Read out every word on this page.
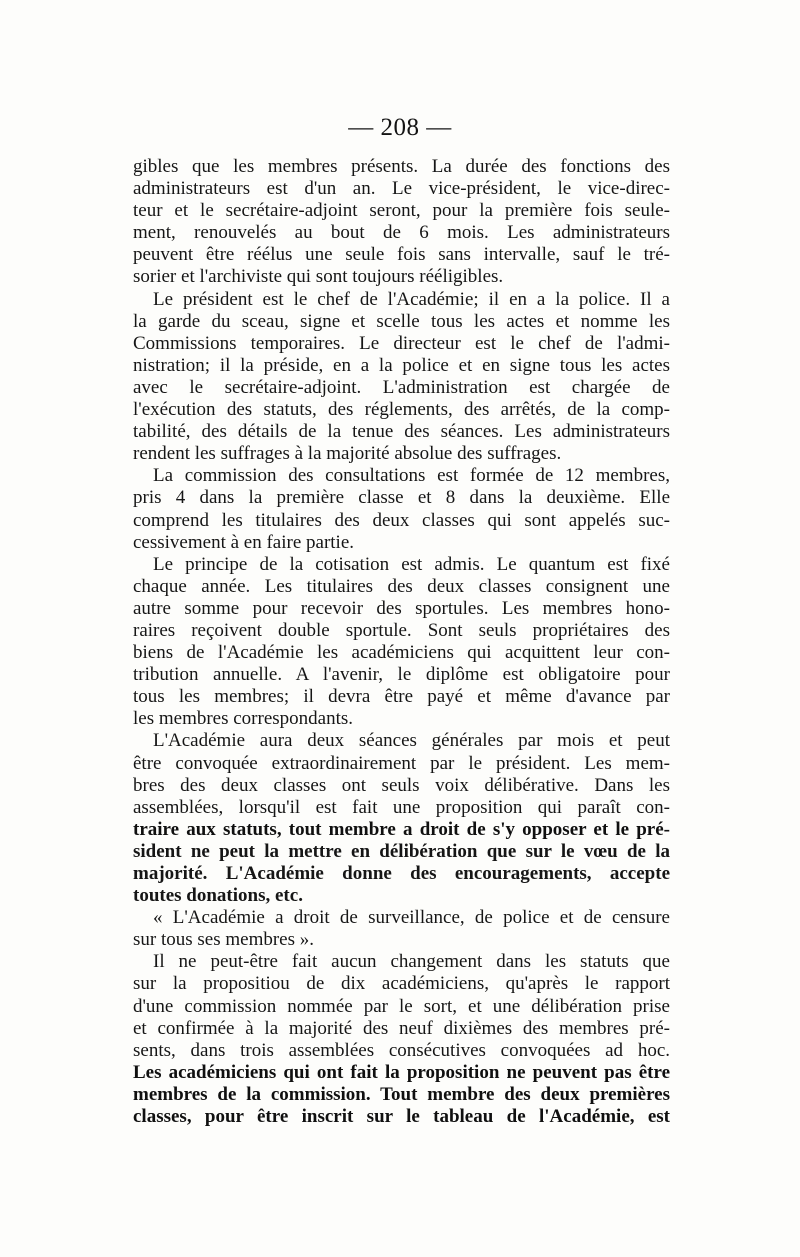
— 208 —
gibles que les membres présents. La durée des fonctions des
administrateurs est d'un an. Le vice-président, le vice-direc-
teur et le secrétaire-adjoint seront, pour la première fois seule-
ment, renouvelés au bout de 6 mois. Les administrateurs
peuvent être réélus une seule fois sans intervalle, sauf le tré-
sorier et l'archiviste qui sont toujours rééligibles.
Le président est le chef de l'Académie; il en a la police. Il a
la garde du sceau, signe et scelle tous les actes et nomme les
Commissions temporaires. Le directeur est le chef de l'admi-
nistration; il la préside, en a la police et en signe tous les actes
avec le secrétaire-adjoint. L'administration est chargée de
l'exécution des statuts, des réglements, des arrêtés, de la comp-
tabilité, des détails de la tenue des séances. Les administrateurs
rendent les suffrages à la majorité absolue des suffrages.
La commission des consultations est formée de 12 membres,
pris 4 dans la première classe et 8 dans la deuxième. Elle
comprend les titulaires des deux classes qui sont appelés suc-
cessivement à en faire partie.
Le principe de la cotisation est admis. Le quantum est fixé
chaque année. Les titulaires des deux classes consignent une
autre somme pour recevoir des sportules. Les membres hono-
raires reçoivent double sportule. Sont seuls propriétaires des
biens de l'Académie les académiciens qui acquittent leur con-
tribution annuelle. A l'avenir, le diplôme est obligatoire pour
tous les membres; il devra être payé et même d'avance par
les membres correspondants.
L'Académie aura deux séances générales par mois et peut
être convoquée extraordinairement par le président. Les mem-
bres des deux classes ont seuls voix délibérative. Dans les
assemblées, lorsqu'il est fait une proposition qui paraît con-
traire aux statuts, tout membre a droit de s'y opposer et le pré-
sident ne peut la mettre en délibération que sur le vœu de la
majorité. L'Académie donne des encouragements, accepte
toutes donations, etc.
« L'Académie a droit de surveillance, de police et de censure
sur tous ses membres ».
Il ne peut-être fait aucun changement dans les statuts que
sur la propositiou de dix académiciens, qu'après le rapport
d'une commission nommée par le sort, et une délibération prise
et confirmée à la majorité des neuf dixièmes des membres pré-
sents, dans trois assemblées consécutives convoquées ad hoc.
Les académiciens qui ont fait la proposition ne peuvent pas être
membres de la commission. Tout membre des deux premières
classes, pour être inscrit sur le tableau de l'Académie, est
